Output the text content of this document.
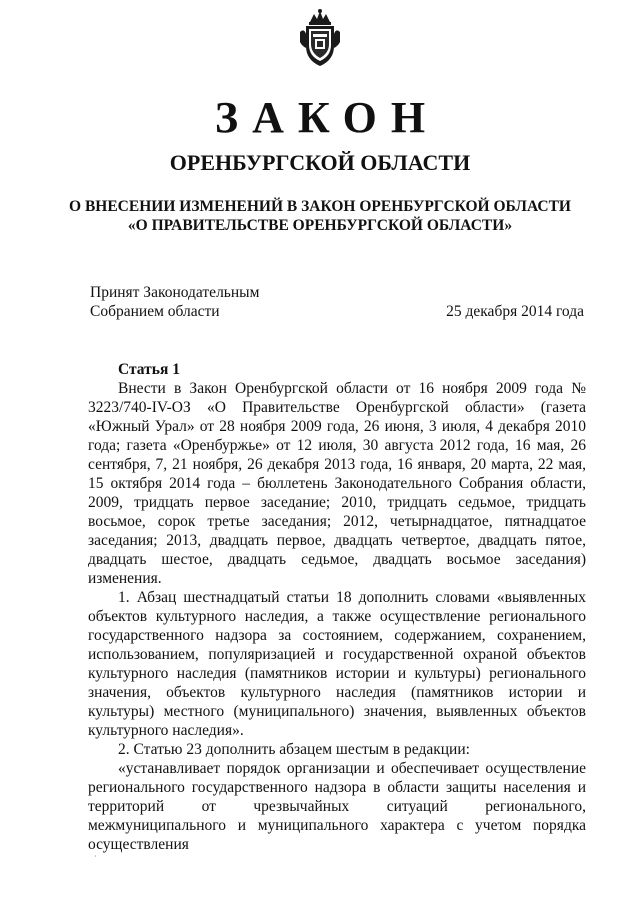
ЗАКОН
ОРЕНБУРГСКОЙ ОБЛАСТИ
О ВНЕСЕНИИ ИЗМЕНЕНИЙ В ЗАКОН ОРЕНБУРГСКОЙ ОБЛАСТИ
«О ПРАВИТЕЛЬСТВЕ ОРЕНБУРГСКОЙ ОБЛАСТИ»
Принят Законодательным
Собранием области	25 декабря 2014 года
Статья 1

Внести в Закон Оренбургской области от 16 ноября 2009 года № 3223/740-IV-ОЗ «О Правительстве Оренбургской области» (газета «Южный Урал» от 28 ноября 2009 года, 26 июня, 3 июля, 4 декабря 2010 года; газета «Оренбуржье» от 12 июля, 30 августа 2012 года, 16 мая, 26 сентября, 7, 21 ноября, 26 декабря 2013 года, 16 января, 20 марта, 22 мая, 15 октября 2014 года – бюллетень Законодательного Собрания области, 2009, тридцать первое заседание; 2010, тридцать седьмое, тридцать восьмое, сорок третье заседания; 2012, четырнадцатое, пятнадцатое заседания; 2013, двадцать первое, двадцать четвертое, двадцать пятое, двадцать шестое, двадцать седьмое, двадцать восьмое заседания) изменения.

1. Абзац шестнадцатый статьи 18 дополнить словами «выявленных объектов культурного наследия, а также осуществление регионального государственного надзора за состоянием, содержанием, сохранением, использованием, популяризацией и государственной охраной объектов культурного наследия (памятников истории и культуры) регионального значения, объектов культурного наследия (памятников истории и культуры) местного (муниципального) значения, выявленных объектов культурного наследия».

2. Статью 23 дополнить абзацем шестым в редакции:

«устанавливает порядок организации и обеспечивает осуществление регионального государственного надзора в области защиты населения и территорий от чрезвычайных ситуаций регионального, межмуниципального и муниципального характера с учетом порядка осуществления

·
